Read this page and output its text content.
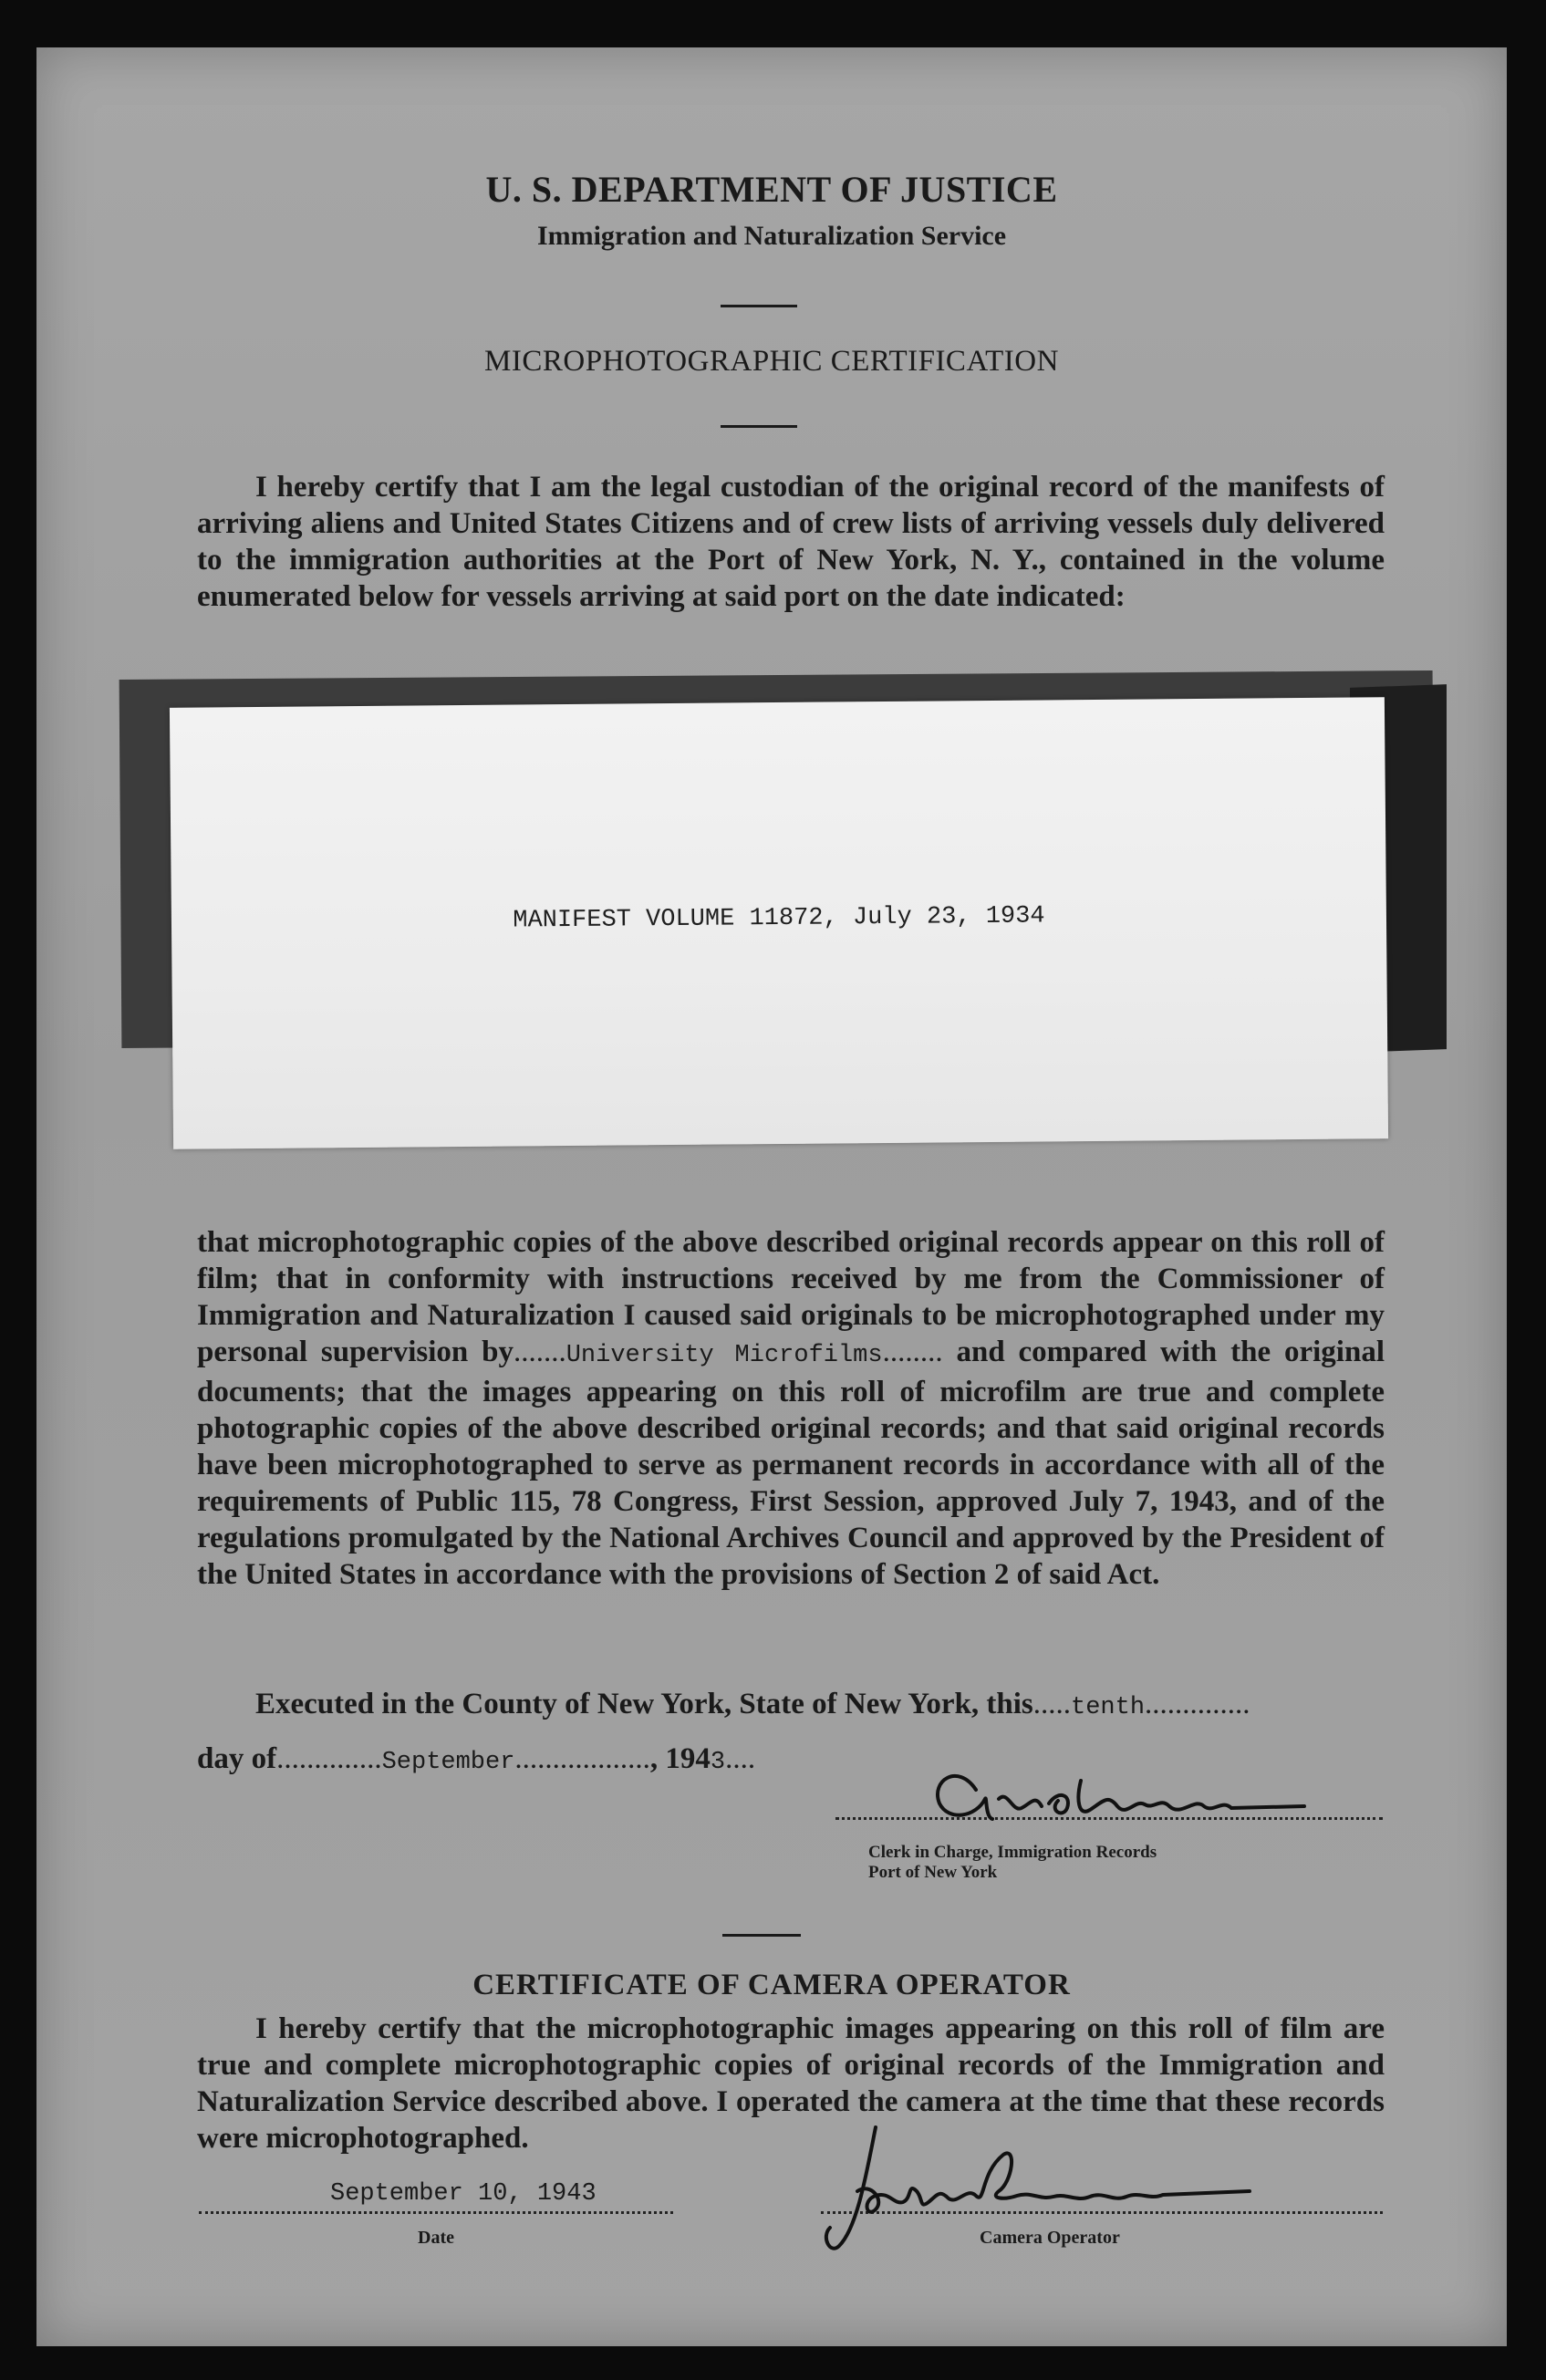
U. S. DEPARTMENT OF JUSTICE
Immigration and Naturalization Service
MICROPHOTOGRAPHIC CERTIFICATION
I hereby certify that I am the legal custodian of the original record of the manifests of arriving aliens and United States Citizens and of crew lists of arriving vessels duly delivered to the immigration authorities at the Port of New York, N. Y., contained in the volume enumerated below for vessels arriving at said port on the date indicated:
MANIFEST VOLUME 11872, July 23, 1934
that microphotographic copies of the above described original records appear on this roll of film; that in conformity with instructions received by me from the Commissioner of Immigration and Naturalization I caused said originals to be microphotographed under my personal supervision by.......University Microfilms........ and compared with the original documents; that the images appearing on this roll of microfilm are true and complete photographic copies of the above described original records; and that said original records have been microphotographed to serve as permanent records in accordance with all of the requirements of Public 115, 78 Congress, First Session, approved July 7, 1943, and of the regulations promulgated by the National Archives Council and approved by the President of the United States in accordance with the provisions of Section 2 of said Act.
Executed in the County of New York, State of New York, this.....tenth..............
day of..............September.................., 1943....
Clerk in Charge, Immigration Records
Port of New York
CERTIFICATE OF CAMERA OPERATOR
I hereby certify that the microphotographic images appearing on this roll of film are true and complete microphotographic copies of original records of the Immigration and Naturalization Service described above. I operated the camera at the time that these records were microphotographed.
September 10, 1943
Date	Camera Operator
